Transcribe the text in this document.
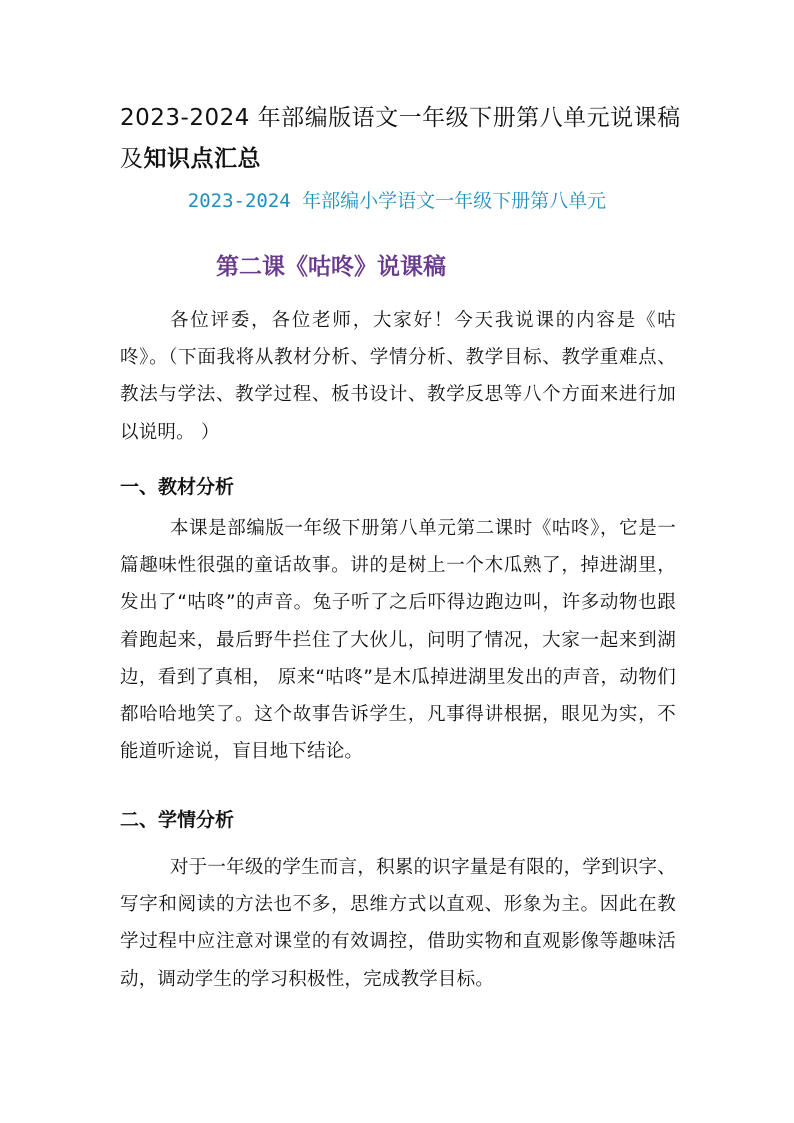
2023-2024 年部编版语文一年级下册第八单元说课稿
及知识点汇总
2023-2024 年部编小学语文一年级下册第八单元
第二课《咕咚》说课稿

各位评委，各位老师，大家好！今天我说课的内容是《咕咚》。（下面我将从教材分析、学情分析、教学目标、教学重难点、教法与学法、教学过程、板书设计、教学反思等八个方面来进行加以说明。 ）

一、教材分析

本课是部编版一年级下册第八单元第二课时《咕咚》，它是一篇趣味性很强的童话故事。讲的是树上一个木瓜熟了，掉进湖里，发出了“咕咚”的声音。兔子听了之后吓得边跑边叫，许多动物也跟着跑起来，最后野牛拦住了大伙儿，问明了情况，大家一起来到湖边，看到了真相， 原来“咕咚”是木瓜掉进湖里发出的声音，动物们都哈哈地笑了。这个故事告诉学生，凡事得讲根据，眼见为实，不能道听途说，盲目地下结论。

二、学情分析

对于一年级的学生而言，积累的识字量是有限的，学到识字、写字和阅读的方法也不多，思维方式以直观、形象为主。因此在教学过程中应注意对课堂的有效调控，借助实物和直观影像等趣味活动，调动学生的学习积极性，完成教学目标。
